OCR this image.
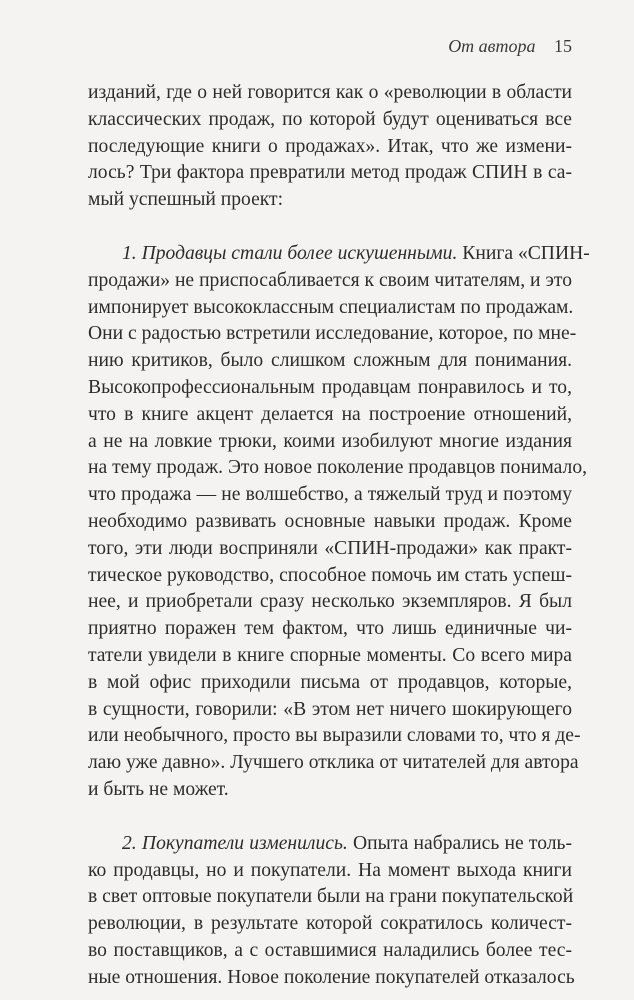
От автора 15
изданий, где о ней говорится как о «революции в области
классических продаж, по которой будут оцениваться все
последующие книги о продажах». Итак, что же измени-
лось? Три фактора превратили метод продаж СПИН в са-
мый успешный проект:
1. Продавцы стали более искушенными. Книга «СПИН-
продажи» не приспосабливается к своим читателям, и это
импонирует высококлассным специалистам по продажам.
Они с радостью встретили исследование, которое, по мне-
нию критиков, было слишком сложным для понимания.
Высокопрофессиональным продавцам понравилось и то,
что в книге акцент делается на построение отношений,
а не на ловкие трюки, коими изобилуют многие издания
на тему продаж. Это новое поколение продавцов понимало,
что продажа — не волшебство, а тяжелый труд и поэтому
необходимо развивать основные навыки продаж. Кроме
того, эти люди восприняли «СПИН-продажи» как практ-
тическое руководство, способное помочь им стать успеш-
нее, и приобретали сразу несколько экземпляров. Я был
приятно поражен тем фактом, что лишь единичные чи-
татели увидели в книге спорные моменты. Со всего мира
в мой офис приходили письма от продавцов, которые,
в сущности, говорили: «В этом нет ничего шокирующего
или необычного, просто вы выразили словами то, что я де-
лаю уже давно». Лучшего отклика от читателей для автора
и быть не может.
2. Покупатели изменились. Опыта набрались не толь-
ко продавцы, но и покупатели. На момент выхода книги
в свет оптовые покупатели были на грани покупательской
революции, в результате которой сократилось количест-
во поставщиков, а с оставшимися наладились более тес-
ные отношения. Новое поколение покупателей отказалось
